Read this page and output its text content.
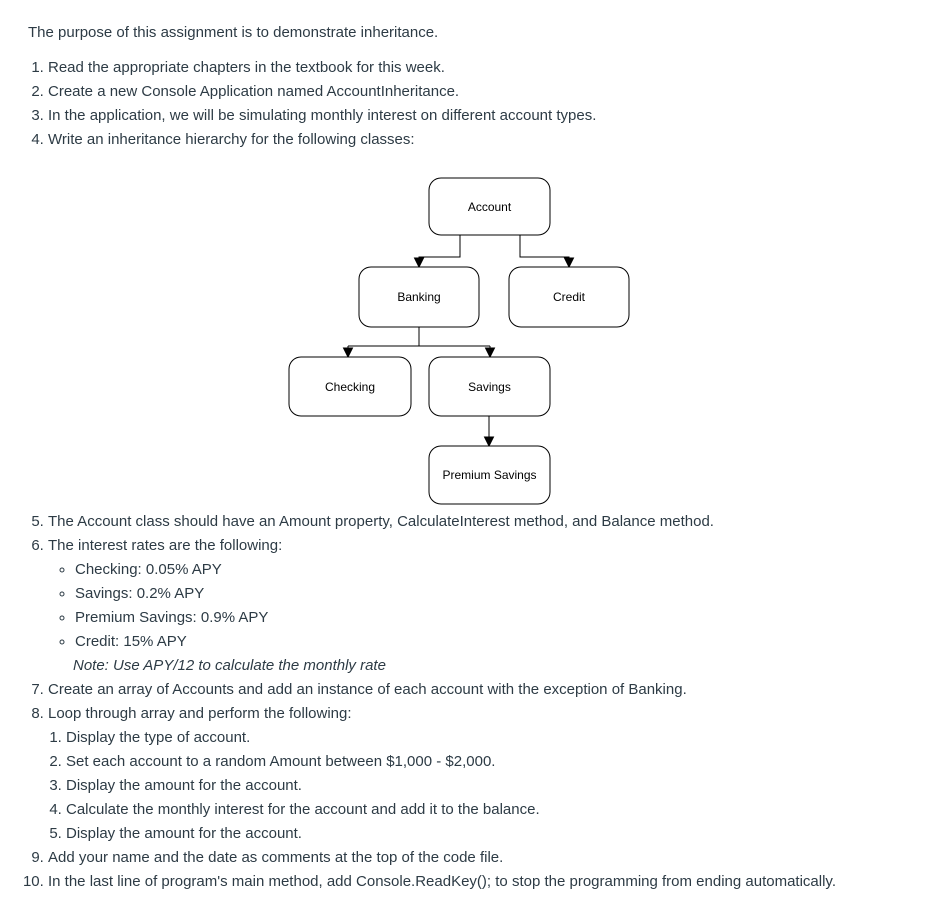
The purpose of this assignment is to demonstrate inheritance.

1. Read the appropriate chapters in the textbook for this week.
2. Create a new Console Application named AccountInheritance.
3. In the application, we will be simulating monthly interest on different account types.
4. Write an inheritance hierarchy for the following classes:
Account
Banking	Credit
Checking	Savings
Premium Savings
5. The Account class should have an Amount property, CalculateInterest method, and Balance method.
6. The interest rates are the following:
◦ Checking: 0.05% APY
◦ Savings: 0.2% APY
◦ Premium Savings: 0.9% APY
◦ Credit: 15% APY
Note: Use APY/12 to calculate the monthly rate
7. Create an array of Accounts and add an instance of each account with the exception of Banking.
8. Loop through array and perform the following:
1. Display the type of account.
2. Set each account to a random Amount between $1,000 - $2,000.
3. Display the amount for the account.
4. Calculate the monthly interest for the account and add it to the balance.
5. Display the amount for the account.
9. Add your name and the date as comments at the top of the code file.
10. In the last line of program's main method, add Console.ReadKey(); to stop the programming from ending automatically.
